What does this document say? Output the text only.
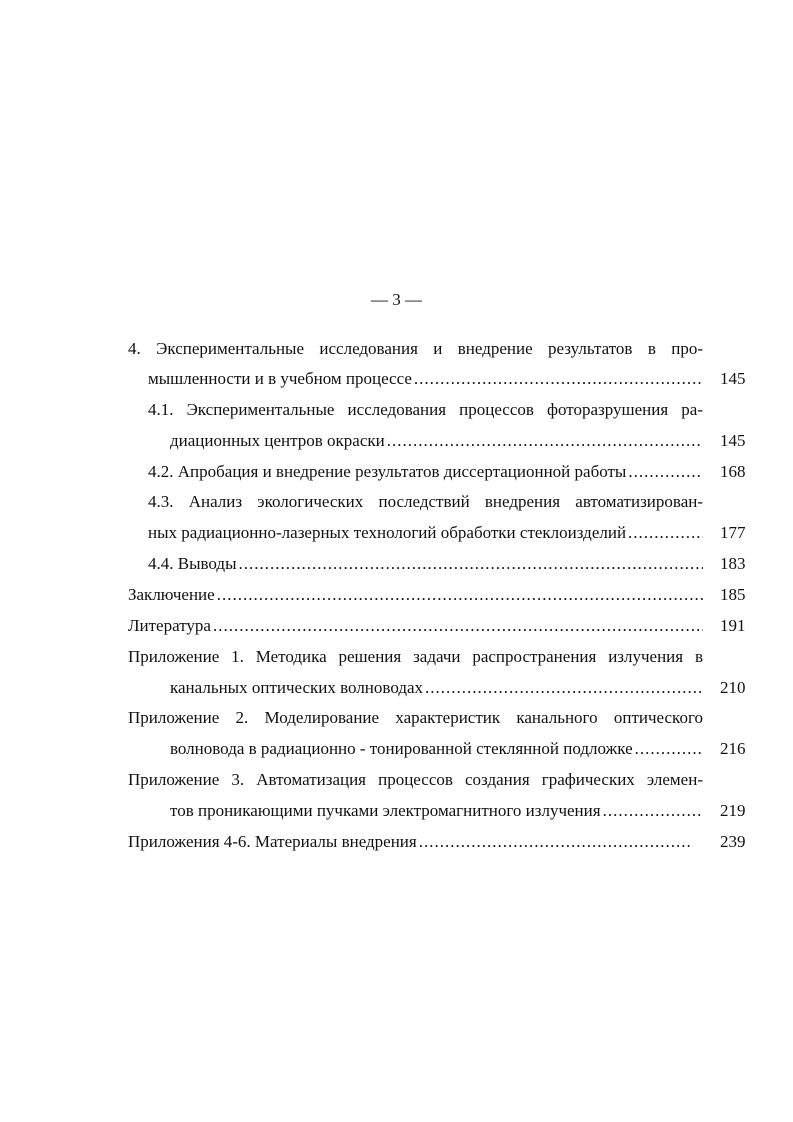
— 3 —
4. Экспериментальные исследования и внедрение результатов в про-
мышленности и в учебном процессе .....	145
4.1. Экспериментальные исследования процессов фоторазрушения ра-
диационных центров окраски .....	145
4.2. Апробация и внедрение результатов диссертационной работы .....	168
4.3. Анализ экологических последствий внедрения автоматизирован-
ных радиационно-лазерных технологий обработки стеклоизделий .....	177
4.4. Выводы .....	183
Заключение .....	185
Литература .....	191
Приложение 1. Методика решения задачи распространения излучения в
канальных оптических волноводах .....	210
Приложение 2. Моделирование характеристик канального оптического
волновода в радиационно - тонированной стеклянной подложке .....	216
Приложение 3. Автоматизация процессов создания графических элемен-
тов проникающими пучками электромагнитного излучения .....	219
Приложения 4-6. Материалы внедрения .....	239
